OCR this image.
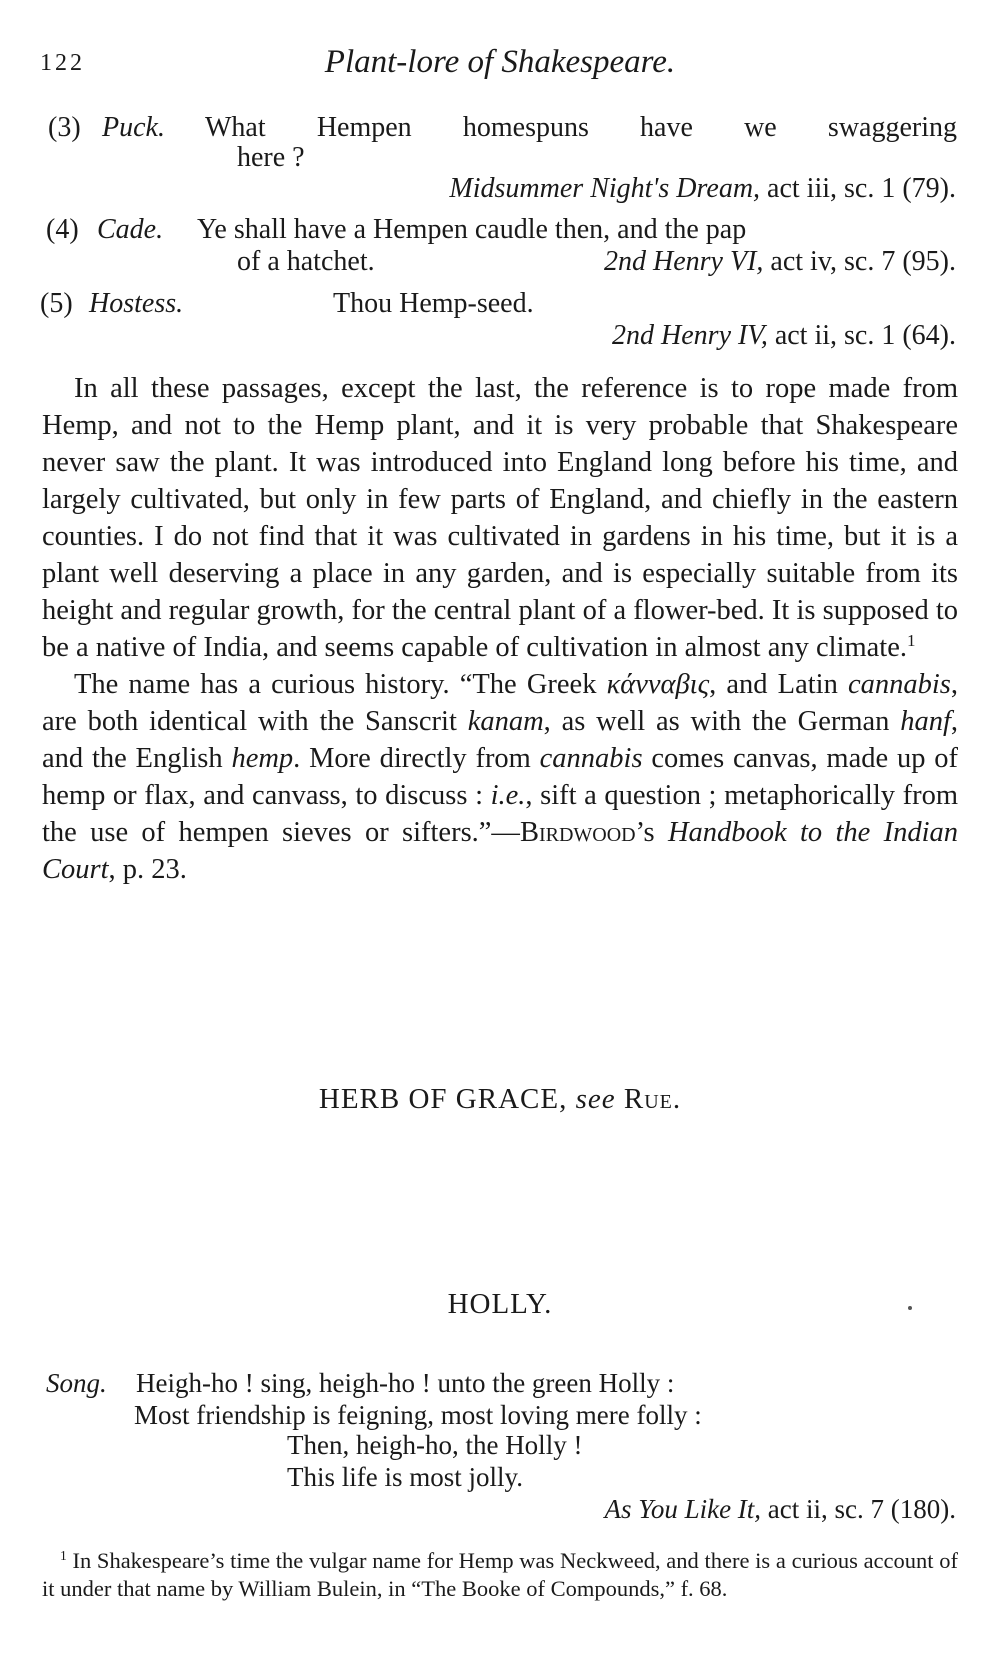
122	Plant-lore of Shakespeare.
(3) Puck. What Hempen homespuns have we swaggering
here ?
Midsummer Night's Dream, act iii, sc. 1 (79).
(4) Cade. Ye shall have a Hempen caudle then, and the pap
of a hatchet.	2nd Henry VI, act iv, sc. 7 (95).
(5) Hostess.	Thou Hemp-seed.
2nd Henry IV, act ii, sc. 1 (64).

In all these passages, except the last, the reference is to rope made from Hemp, and not to the Hemp plant, and it is very probable that Shakespeare never saw the plant. It was introduced into England long before his time, and largely cultivated, but only in few parts of England, and chiefly in the eastern counties. I do not find that it was cultivated in gardens in his time, but it is a plant well deserving a place in any garden, and is especially suitable from its height and regular growth, for the central plant of a flower-bed. It is supposed to be a native of India, and seems capable of cultivation in almost any climate.$^1$

The name has a curious history. “The Greek κάνναβις, and Latin cannabis, are both identical with the Sanscrit kanam, as well as with the German hanf, and the English hemp. More directly from cannabis comes canvas, made up of hemp or flax, and canvass, to discuss : i.e., sift a question ; metaphorically from the use of hempen sieves or sifters.”—Birdwood’s Handbook to the Indian Court, p. 23.

HERB OF GRACE, see Rue.
HOLLY.
Song. Heigh-ho ! sing, heigh-ho ! unto the green Holly :
Most friendship is feigning, most loving mere folly :
Then, heigh-ho, the Holly !
This life is most jolly.
As You Like It, act ii, sc. 7 (180).

$^1$ In Shakespeare’s time the vulgar name for Hemp was Neckweed, and there is a curious account of it under that name by William Bulein, in “The Booke of Compounds,” f. 68.
